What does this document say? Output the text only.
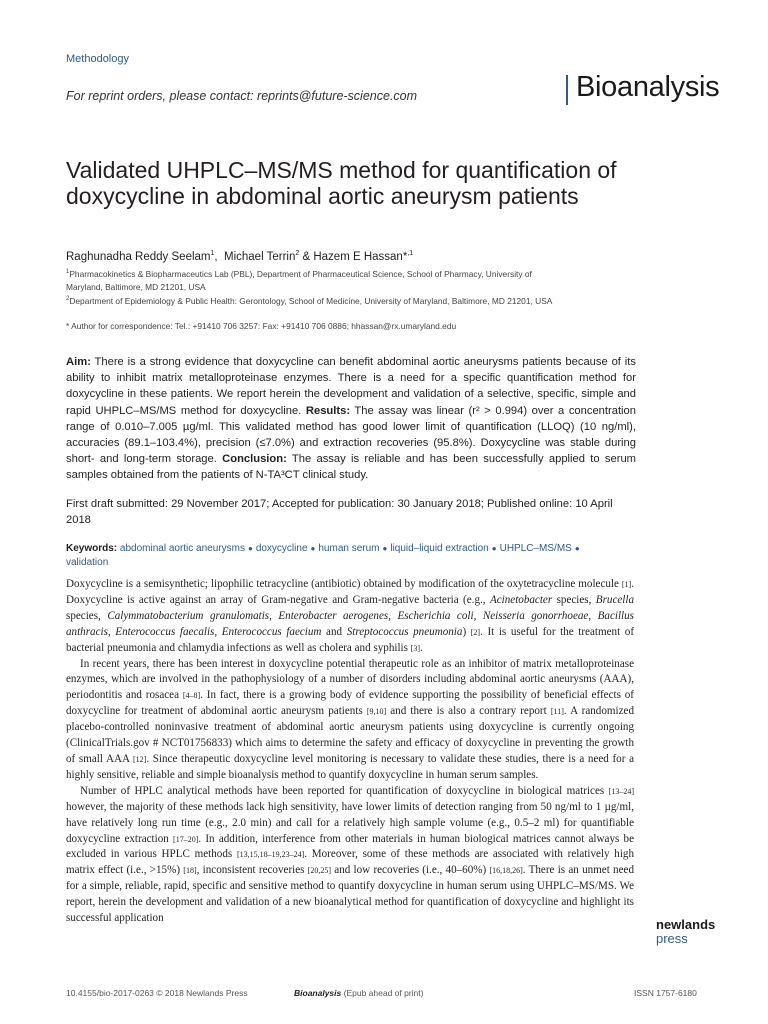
Methodology
For reprint orders, please contact: reprints@future-science.com	Bioanalysis
Validated UHPLC–MS/MS method for quantification of doxycycline in abdominal aortic aneurysm patients
Raghunadha Reddy Seelam$^1$,  Michael Terrin$^2$ & Hazem E Hassan*$^{,1}$
$^1$Pharmacokinetics & Biopharmaceutics Lab (PBL), Department of Pharmaceutical Science, School of Pharmacy, University of Maryland, Baltimore, MD 21201, USA
$^2$Department of Epidemiology & Public Health: Gerontology, School of Medicine, University of Maryland, Baltimore, MD 21201, USA
* Author for correspondence: Tel.: +91410 706 3257: Fax: +91410 706 0886; hhassan@rx.umaryland.edu
Aim: There is a strong evidence that doxycycline can benefit abdominal aortic aneurysms patients because of its ability to inhibit matrix metalloproteinase enzymes. There is a need for a specific quantification method for doxycycline in these patients. We report herein the development and validation of a selective, specific, simple and rapid UHPLC–MS/MS method for doxycycline. Results: The assay was linear (r² > 0.994) over a concentration range of 0.010–7.005 µg/ml. This validated method has good lower limit of quantification (LLOQ) (10 ng/ml), accuracies (89.1–103.4%), precision (≤7.0%) and extraction recoveries (95.8%). Doxycycline was stable during short- and long-term storage. Conclusion: The assay is reliable and has been successfully applied to serum samples obtained from the patients of N-TA³CT clinical study.
First draft submitted: 29 November 2017; Accepted for publication: 30 January 2018; Published online: 10 April 2018
Keywords: abdominal aortic aneurysms ● doxycycline ● human serum ● liquid–liquid extraction ● UHPLC–MS/MS ●
validation

Doxycycline is a semisynthetic; lipophilic tetracycline (antibiotic) obtained by modification of the oxytetracycline molecule [1]. Doxycycline is active against an array of Gram-negative and Gram-negative bacteria (e.g., Acinetobacter species, Brucella species, Calymmatobacterium granulomatis, Enterobacter aerogenes, Escherichia coli, Neisseria gonorrhoeae, Bacillus anthracis, Enterococcus faecalis, Enterococcus faecium and Streptococcus pneumonia) [2]. It is useful for the treatment of bacterial pneumonia and chlamydia infections as well as cholera and syphilis [3].

In recent years, there has been interest in doxycycline potential therapeutic role as an inhibitor of matrix metalloproteinase enzymes, which are involved in the pathophysiology of a number of disorders including abdominal aortic aneurysms (AAA), periodontitis and rosacea [4–8]. In fact, there is a growing body of evidence supporting the possibility of beneficial effects of doxycycline for treatment of abdominal aortic aneurysm patients [9,10] and there is also a contrary report [11]. A randomized placebo-controlled noninvasive treatment of abdominal aortic aneurysm patients using doxycycline is currently ongoing (ClinicalTrials.gov # NCT01756833) which aims to determine the safety and efficacy of doxycycline in preventing the growth of small AAA [12]. Since therapeutic doxycycline level monitoring is necessary to validate these studies, there is a need for a highly sensitive, reliable and simple bioanalysis method to quantify doxycycline in human serum samples.

Number of HPLC analytical methods have been reported for quantification of doxycycline in biological matrices [13–24] however, the majority of these methods lack high sensitivity, have lower limits of detection ranging from 50 ng/ml to 1 µg/ml, have relatively long run time (e.g., 2.0 min) and call for a relatively high sample volume (e.g., 0.5–2 ml) for quantifiable doxycycline extraction [17–20]. In addition, interference from other materials in human biological matrices cannot always be excluded in various HPLC methods [13,15,18–19,23–24]. Moreover, some of these methods are associated with relatively high matrix effect (i.e., >15%) [18], inconsistent recoveries [20,25] and low recoveries (i.e., 40–60%) [16,18,26]. There is an unmet need for a simple, reliable, rapid, specific and sensitive method to quantify doxycycline in human serum using UHPLC–MS/MS. We report, herein the development and validation of a new bioanalytical method for quantification of doxycycline and highlight its successful application	newlands
press
10.4155/bio-2017-0263 © 2018 Newlands Press	Bioanalysis (Epub ahead of print)	ISSN 1757-6180
